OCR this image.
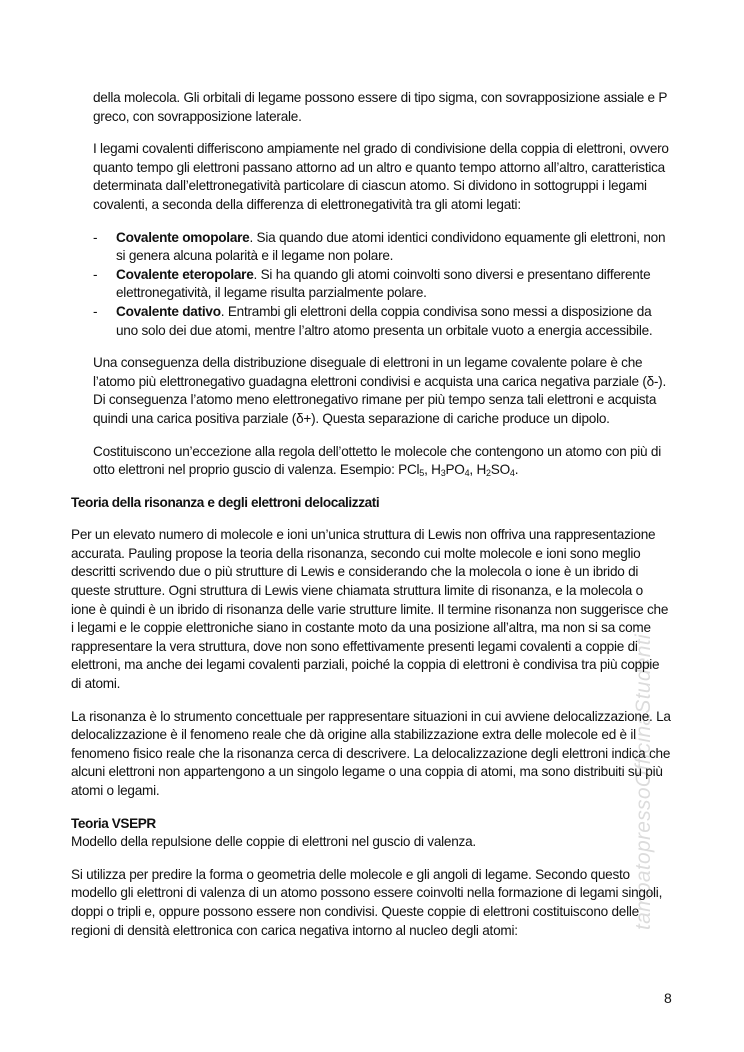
tampatopressoOfficinaStudenti

della molecola. Gli orbitali di legame possono essere di tipo sigma, con sovrapposizione assiale e P greco, con sovrapposizione laterale.

I legami covalenti differiscono ampiamente nel grado di condivisione della coppia di elettroni, ovvero quanto tempo gli elettroni passano attorno ad un altro e quanto tempo attorno all’altro, caratteristica determinata dall’elettronegatività particolare di ciascun atomo. Si dividono in sottogruppi i legami covalenti, a seconda della differenza di elettronegatività tra gli atomi legati:

- Covalente omopolare. Sia quando due atomi identici condividono equamente gli elettroni, non si genera alcuna polarità e il legame non polare.
- Covalente eteropolare. Si ha quando gli atomi coinvolti sono diversi e presentano differente elettronegatività, il legame risulta parzialmente polare.
- Covalente dativo. Entrambi gli elettroni della coppia condivisa sono messi a disposizione da uno solo dei due atomi, mentre l’altro atomo presenta un orbitale vuoto a energia accessibile.

Una conseguenza della distribuzione diseguale di elettroni in un legame covalente polare è che l’atomo più elettronegativo guadagna elettroni condivisi e acquista una carica negativa parziale (δ-). Di conseguenza l’atomo meno elettronegativo rimane per più tempo senza tali elettroni e acquista quindi una carica positiva parziale (δ+). Questa separazione di cariche produce un dipolo.

Costituiscono un’eccezione alla regola dell’ottetto le molecole che contengono un atomo con più di otto elettroni nel proprio guscio di valenza. Esempio: PCl$_5$, $H_3PO_4$, $H_2SO_4$.

Teoria della risonanza e degli elettroni delocalizzati

Per un elevato numero di molecole e ioni un’unica struttura di Lewis non offriva una rappresentazione accurata. Pauling propose la teoria della risonanza, secondo cui molte molecole e ioni sono meglio descritti scrivendo due o più strutture di Lewis e considerando che la molecola o ione è un ibrido di queste strutture. Ogni struttura di Lewis viene chiamata struttura limite di risonanza, e la molecola o ione è quindi è un ibrido di risonanza delle varie strutture limite. Il termine risonanza non suggerisce che i legami e le coppie elettroniche siano in costante moto da una posizione all’altra, ma non si sa come rappresentare la vera struttura, dove non sono effettivamente presenti legami covalenti a coppie di elettroni, ma anche dei legami covalenti parziali, poiché la coppia di elettroni è condivisa tra più coppie di atomi.

La risonanza è lo strumento concettuale per rappresentare situazioni in cui avviene delocalizzazione. La delocalizzazione è il fenomeno reale che dà origine alla stabilizzazione extra delle molecole ed è il fenomeno fisico reale che la risonanza cerca di descrivere. La delocalizzazione degli elettroni indica che alcuni elettroni non appartengono a un singolo legame o una coppia di atomi, ma sono distribuiti su più atomi o legami.

Teoria VSEPR

Modello della repulsione delle coppie di elettroni nel guscio di valenza.

Si utilizza per predire la forma o geometria delle molecole e gli angoli di legame. Secondo questo modello gli elettroni di valenza di un atomo possono essere coinvolti nella formazione di legami singoli, doppi o tripli e, oppure possono essere non condivisi. Queste coppie di elettroni costituiscono delle regioni di densità elettronica con carica negativa intorno al nucleo degli atomi:

8
